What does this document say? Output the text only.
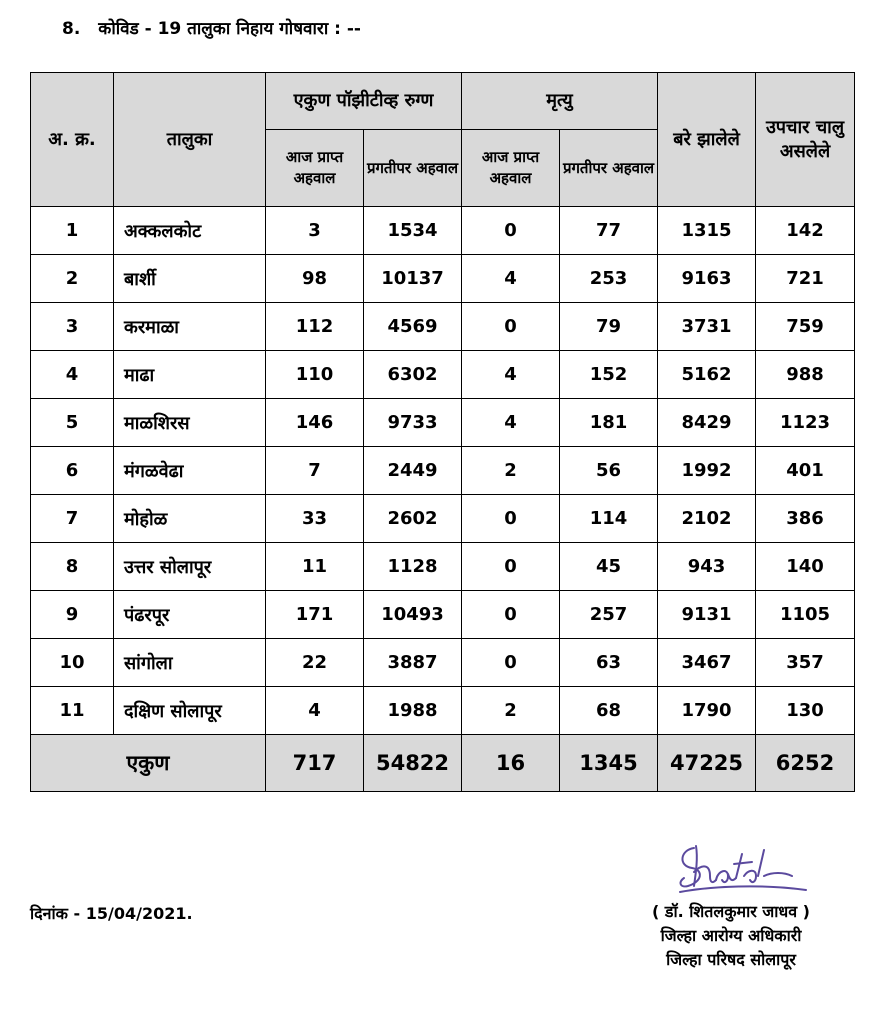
8. कोविड - 19 तालुका निहाय गोषवारा : --
अ. क्र.	तालुका	एकुण पॉझीटीव्ह रुग्ण		मृत्यु		बरे झालेले	उपचार चालु असलेले
		आज प्राप्त अहवाल	प्रगतीपर अहवाल	आज प्राप्त अहवाल	प्रगतीपर अहवाल		
1	अक्कलकोट	3	1534	0	77	1315	142
2	बार्शी	98	10137	4	253	9163	721
3	करमाळा	112	4569	0	79	3731	759
4	माढा	110	6302	4	152	5162	988
5	माळशिरस	146	9733	4	181	8429	1123
6	मंगळवेढा	7	2449	2	56	1992	401
7	मोहोळ	33	2602	0	114	2102	386
8	उत्तर सोलापूर	11	1128	0	45	943	140
9	पंढरपूर	171	10493	0	257	9131	1105
10	सांगोला	22	3887	0	63	3467	357
11	दक्षिण सोलापूर	4	1988	2	68	1790	130
एकुण		717	54822	16	1345	47225	6252
दिनांक - 15/04/2021.	( डॉ. शितलकुमार जाधव )
जिल्हा आरोग्य अधिकारी
जिल्हा परिषद सोलापूर
